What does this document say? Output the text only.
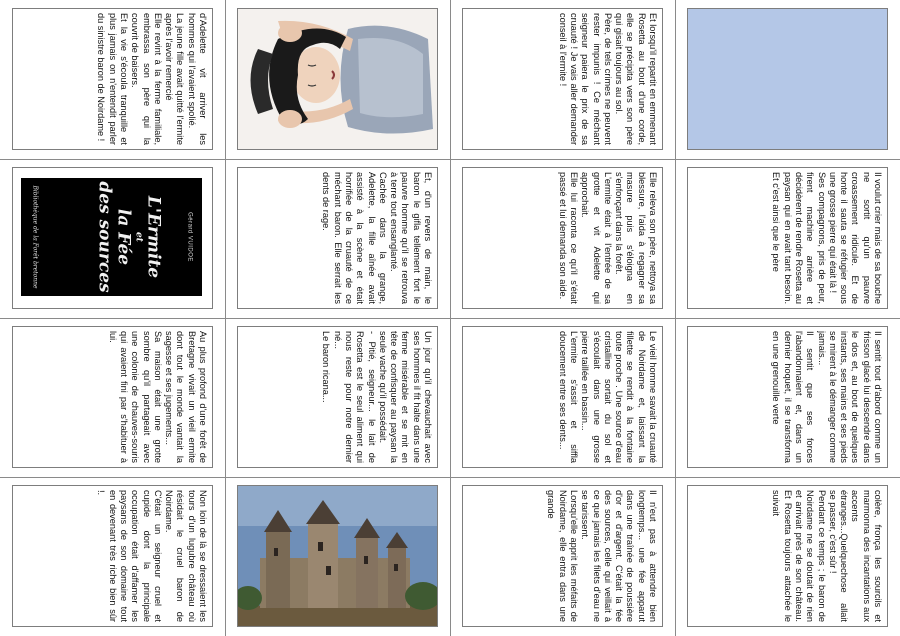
d'Adelette vit arriver les hommes qui l'avaient spolié.
La jeune fille avait quitté l'ermite après l'avoir remercié
Elle revint à la ferme familiale, embrassa son père qui la couvrit de baisers.
Et la vie s'écoula tranquille et plus jamais on n'entendit parler du sinistre baron de Noirdame !
Et lorsqu'il repartit en emmenant Rosetta au bout d'une corde, elle se précipita vers son père qui gisait toujours au sol.
Père, de tels crimes ne peuvent rester impunis ! Ce méchant seigneur paiera le prix de sa cruauté ! Je vais aller demander conseil à l'ermite !
Gérard VUIDOE
L'Ermite
et
la Fée
des sources
Bibliothèque de la Forêt bretonne
Et, d'un revers de main, le baron le gifla tellement fort le pauvre homme qu'il se retrouva à terre tout ensanglanté.
Cachée dans la grange, Adelette, la fille aînée avait assisté à la scène et était horrifiée de la cruauté de ce méchant baron. Elle serrait les dents de rage.
Elle releva son père, nettoya sa blessure, l'aida à regagner sa masure puis s'éloigna en s'enfonçant dans la forêt.
L'ermite était à l'entrée de sa grotte et vit Adelette qui approchait.
Elle lui raconta ce qu'il s'était passé et lui demanda son aide.
Il voulut crier mais de sa bouche ne sortit qu'un pauvre croassement ridicule. Et de honte il sauta se réfugier sous une grosse pierre qui était là !
Ses compagnons, pris de peur, firent machine arrière et décidèrent de rendre Rosetta au paysan qui en avait tant besoin. Et c'est ainsi que le père
Au plus profond d'une forêt de Bretagne vivait un vieil ermite dont tout le monde vantait la sagesse et ses jugements...
Sa maison était une grotte sombre qu'il partageait avec une colonie de chauves-souris qui avaient fini par s'habituer à lui.	Un jour qu'il chevauchait avec ses hommes il fit halte dans une ferme misérable et se mit en tête de confisquer au paysan la seule vache qu'il possédait.
- Pitié, seigneur... le lait de Rosetta est le seul aliment qui nous reste pour notre dernier né...
Le baron ricana...
Le vieil homme savait la cruauté de Noirdame et, laissant la fillette se rendit à la fontaine toute proche . Une source d'eau cristalline sortait du sol et s'écoulait dans une grosse pierre taillée en bassin...
L'ermite s'assit et siffla doucement entre ses dents...
Il sentit tout d'abord comme un frisson glacé lui descendre dans le dos et, au bout de quelques instants, ses mains et ses pieds se mirent à le démanger comme jamais...
Il sentit que ses forces l'abandonnaient et, dans un dernier hoquet, il se transforma en une grenouille verte
Non loin de là se dressaient les tours d'un lugubre château où résidait le cruel baron de Noirdame.
C'était un seigneur cruel et cupide dont la principale occupation était d'affamer les paysans de son domaine tout en devenant très riche bien sûr !.	Il n'eut pas à attendre bien longtemps... une fée apparut dans une traînée de poussière d'or et d'argent. C'était la fée des sources, celle qui veillait à ce que jamais les filets d'eau ne se tarissent.
Lorsqu'elle apprit les méfaits de Noirdame, elle entra dans une grande	colère, fronça les sourcils et marmonna des incantations aux accents étranges...Quelquechose allait se passer, c'est sûr !
Pendant ce temps ; le baron de Noirdame ne se doutait de rien et arrivait près de son château. Et Rosetta toujours attachée le suivait
